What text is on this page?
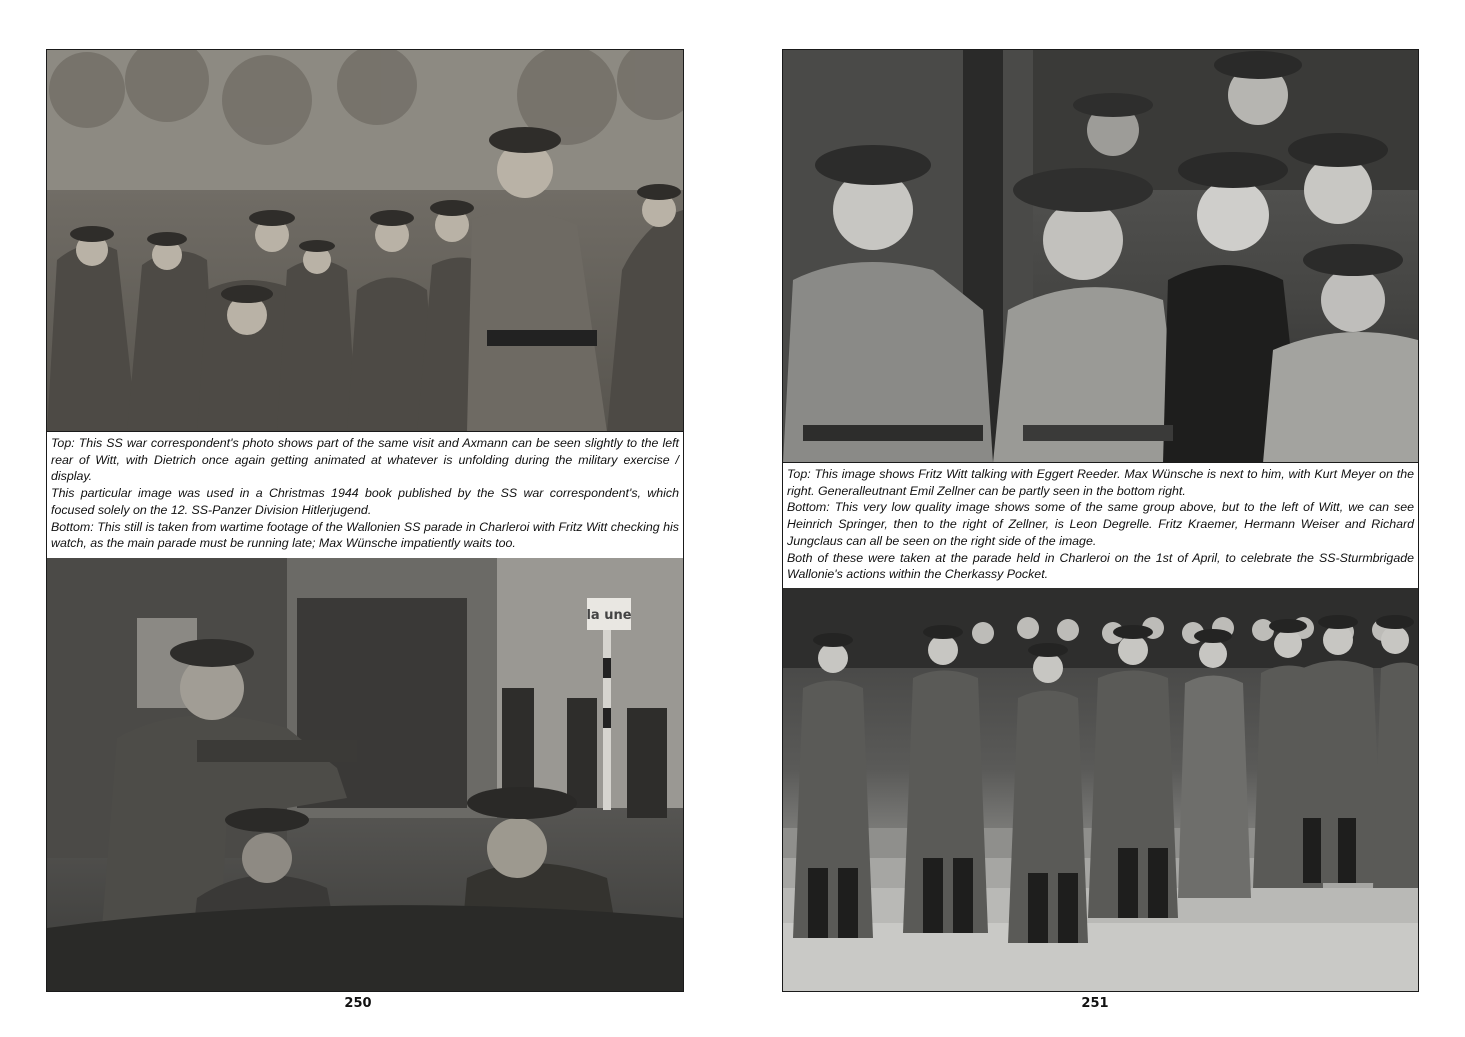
Top: This SS war correspondent's photo shows part of the same visit and Axmann can be seen slightly to the left rear of Witt, with Dietrich once again getting animated at whatever is unfolding during the military exercise / display.

This particular image was used in a Christmas 1944 book published by the SS war correspondent's, which focused solely on the 12. SS-Panzer Division Hitlerjugend.

Bottom: This still is taken from wartime footage of the Wallonien SS parade in Charleroi with Fritz Witt checking his watch, as the main parade must be running late; Max Wünsche impatiently waits too.

la une
250

Top: This image shows Fritz Witt talking with Eggert Reeder. Max Wünsche is next to him, with Kurt Meyer on the right. Generalleutnant Emil Zellner can be partly seen in the bottom right.

Bottom: This very low quality image shows some of the same group above, but to the left of Witt, we can see Heinrich Springer, then to the right of Zellner, is Leon Degrelle. Fritz Kraemer, Hermann Weiser and Richard Jungclaus can all be seen on the right side of the image.

Both of these were taken at the parade held in Charleroi on the 1st of April, to celebrate the SS-Sturmbrigade Wallonie's actions within the Cherkassy Pocket.

251
